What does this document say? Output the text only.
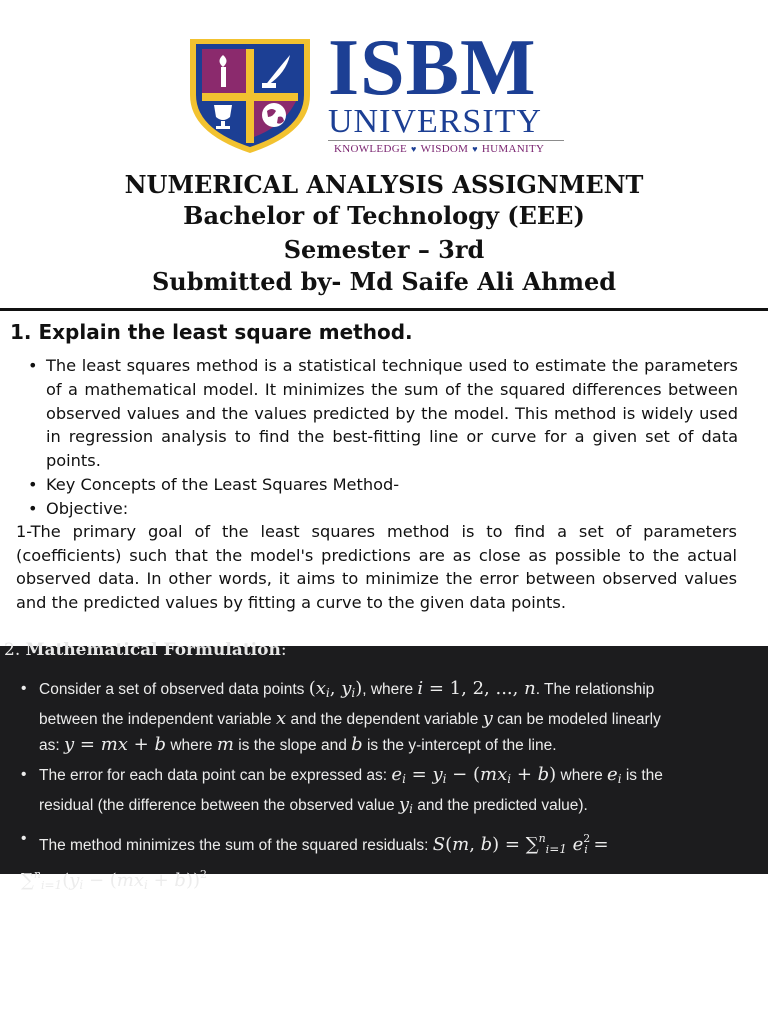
ISBM
UNIVERSITY
KNOWLEDGE ♥ WISDOM ♥ HUMANITY
NUMERICAL ANALYSIS ASSIGNMENT
Bachelor of Technology (EEE)
Semester – 3rd
Submitted by- Md Saife Ali Ahmed
1. Explain the least square method.
• The least squares method is a statistical technique used to estimate the parameters of a mathematical model. It minimizes the sum of the squared differences between observed values and the values predicted by the model. This method is widely used in regression analysis to find the best-fitting line or curve for a given set of data points.
• Key Concepts of the Least Squares Method-
• Objective:
1-The primary goal of the least squares method is to find a set of parameters (coefficients) such that the model's predictions are as close as possible to the actual observed data. In other words, it aims to minimize the error between observed values and the predicted values by fitting a curve to the given data points.
2. Mathematical Formulation:
• Consider a set of observed data points ($x_i$, $y_i$), where i = 1, 2, ..., n. The relationship
between the independent variable x and the dependent variable y can be modeled linearly
as: y = mx + b where m is the slope and b is the y-intercept of the line.
• The error for each data point can be expressed as: $e_i = y_i - (mx_i + b)$ where $e_i$ is the
residual (the difference between the observed value $y_i$ and the predicted value).
• The method minimizes the sum of the squared residuals: S(m, b) = ∑$^n_{i=1}$ $e^2_i$ =
$\sum^n_{i=1}(y_i - (mx_i + b))^2$
